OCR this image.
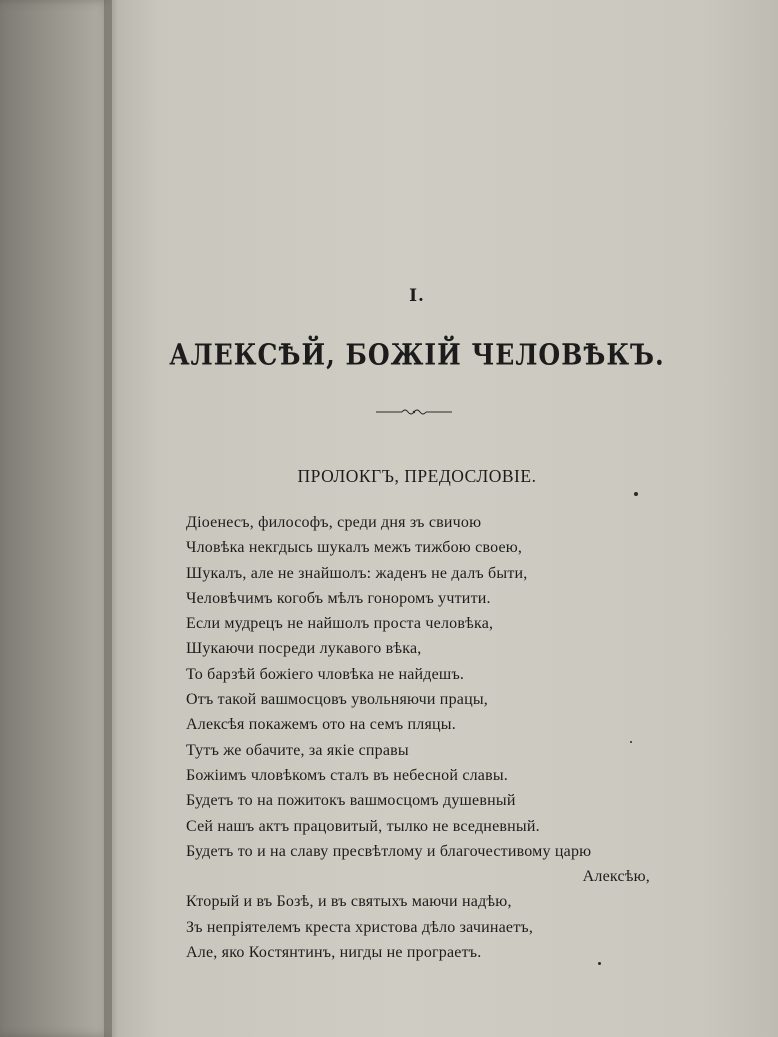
I.
АЛЕКСѢЙ, БОЖІЙ ЧЕЛОВѢКЪ.
ПРОЛОКГЪ, ПРЕДОСЛОВІЕ.
Діоенесъ, философъ, среди дня зъ свичою
Чловѣка некгдысь шукалъ межъ тижбою своею,
Шукалъ, але не знайшолъ: жаденъ не далъ быти,
Человѣчимъ когобъ мѣлъ гоноромъ учтити.
Если мудрецъ не найшолъ проста человѣка,
Шукаючи посреди лукавого вѣка,
То барзѣй божіего чловѣка не найдешъ.
Отъ такой вашмосцовъ увольняючи працы,
Алексѣя покажемъ ото на семъ пляцы.
Тутъ же обачите, за якіе справы
Божіимъ чловѣкомъ сталъ въ небесной славы.
Будетъ то на пожитокъ вашмосцомъ душевный
Сей нашъ актъ працовитый, тылко не вседневный.
Будетъ то и на славу пресвѣтлому и благочестивому царю
Алексѣю,
Кторый и въ Бозѣ, и въ святыхъ маючи надѣю,
Зъ непріятелемъ креста христова дѣло зачинаетъ,
Але, яко Костянтинъ, нигды не програетъ.
